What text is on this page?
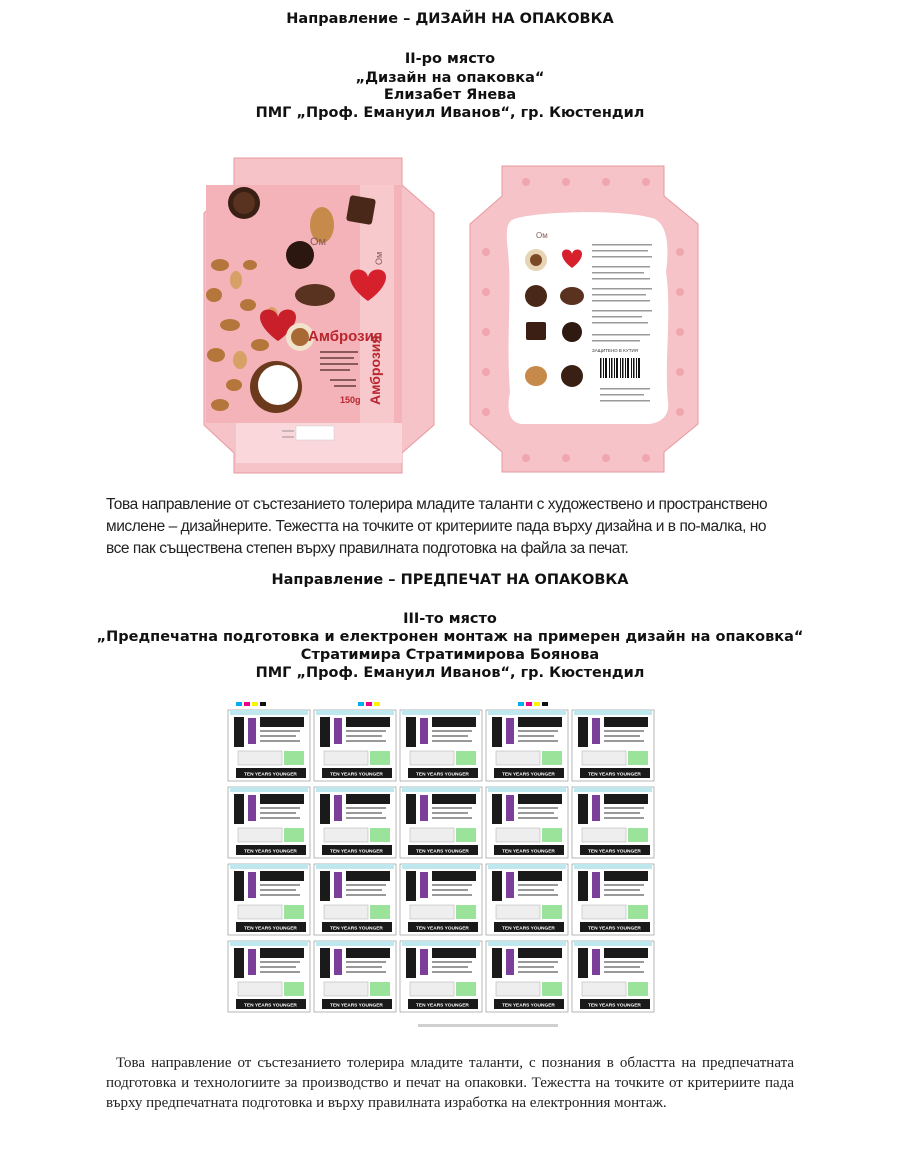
Направление – ДИЗАЙН НА ОПАКОВКА
II-ро място
„Дизайн на опаковка“
Елизабет Янева
ПМГ „Проф. Емануил Иванов“, гр. Кюстендил
Ом
Амброзия
150g Амброзия
Ом
ЗАЩИТЕНО В КУТИЯ
Ом
Това направление от състезанието толерира младите таланти с художествено и пространствено
мислене – дизайнерите. Тежестта на точките от критериите пада върху дизайна и в по-малка, но
все пак съществена степен върху правилната подготовка на файла за печат.
Направление – ПРЕДПЕЧАТ НА ОПАКОВКА
III-то място
„Предпечатна подготовка и електронен монтаж на примерен дизайн на опаковка“
Стратимира Стратимирова Боянова
ПМГ „Проф. Емануил Иванов“, гр. Кюстендил
TEN YEARS YOUNGER	TEN YEARS YOUNGER	TEN YEARS YOUNGER	TEN YEARS YOUNGER	TEN YEARS YOUNGER
TEN YEARS YOUNGER	TEN YEARS YOUNGER	TEN YEARS YOUNGER	TEN YEARS YOUNGER	TEN YEARS YOUNGER
TEN YEARS YOUNGER	TEN YEARS YOUNGER	TEN YEARS YOUNGER	TEN YEARS YOUNGER	TEN YEARS YOUNGER
TEN YEARS YOUNGER	TEN YEARS YOUNGER	TEN YEARS YOUNGER	TEN YEARS YOUNGER	TEN YEARS YOUNGER
Това направление от състезанието толерира младите таланти, с познания в областта на предпечатната подготовка и технологиите за производство и печат на опаковки. Тежестта на точките от критериите пада върху предпечатната подготовка и върху правилната изработка на електронния монтаж.
